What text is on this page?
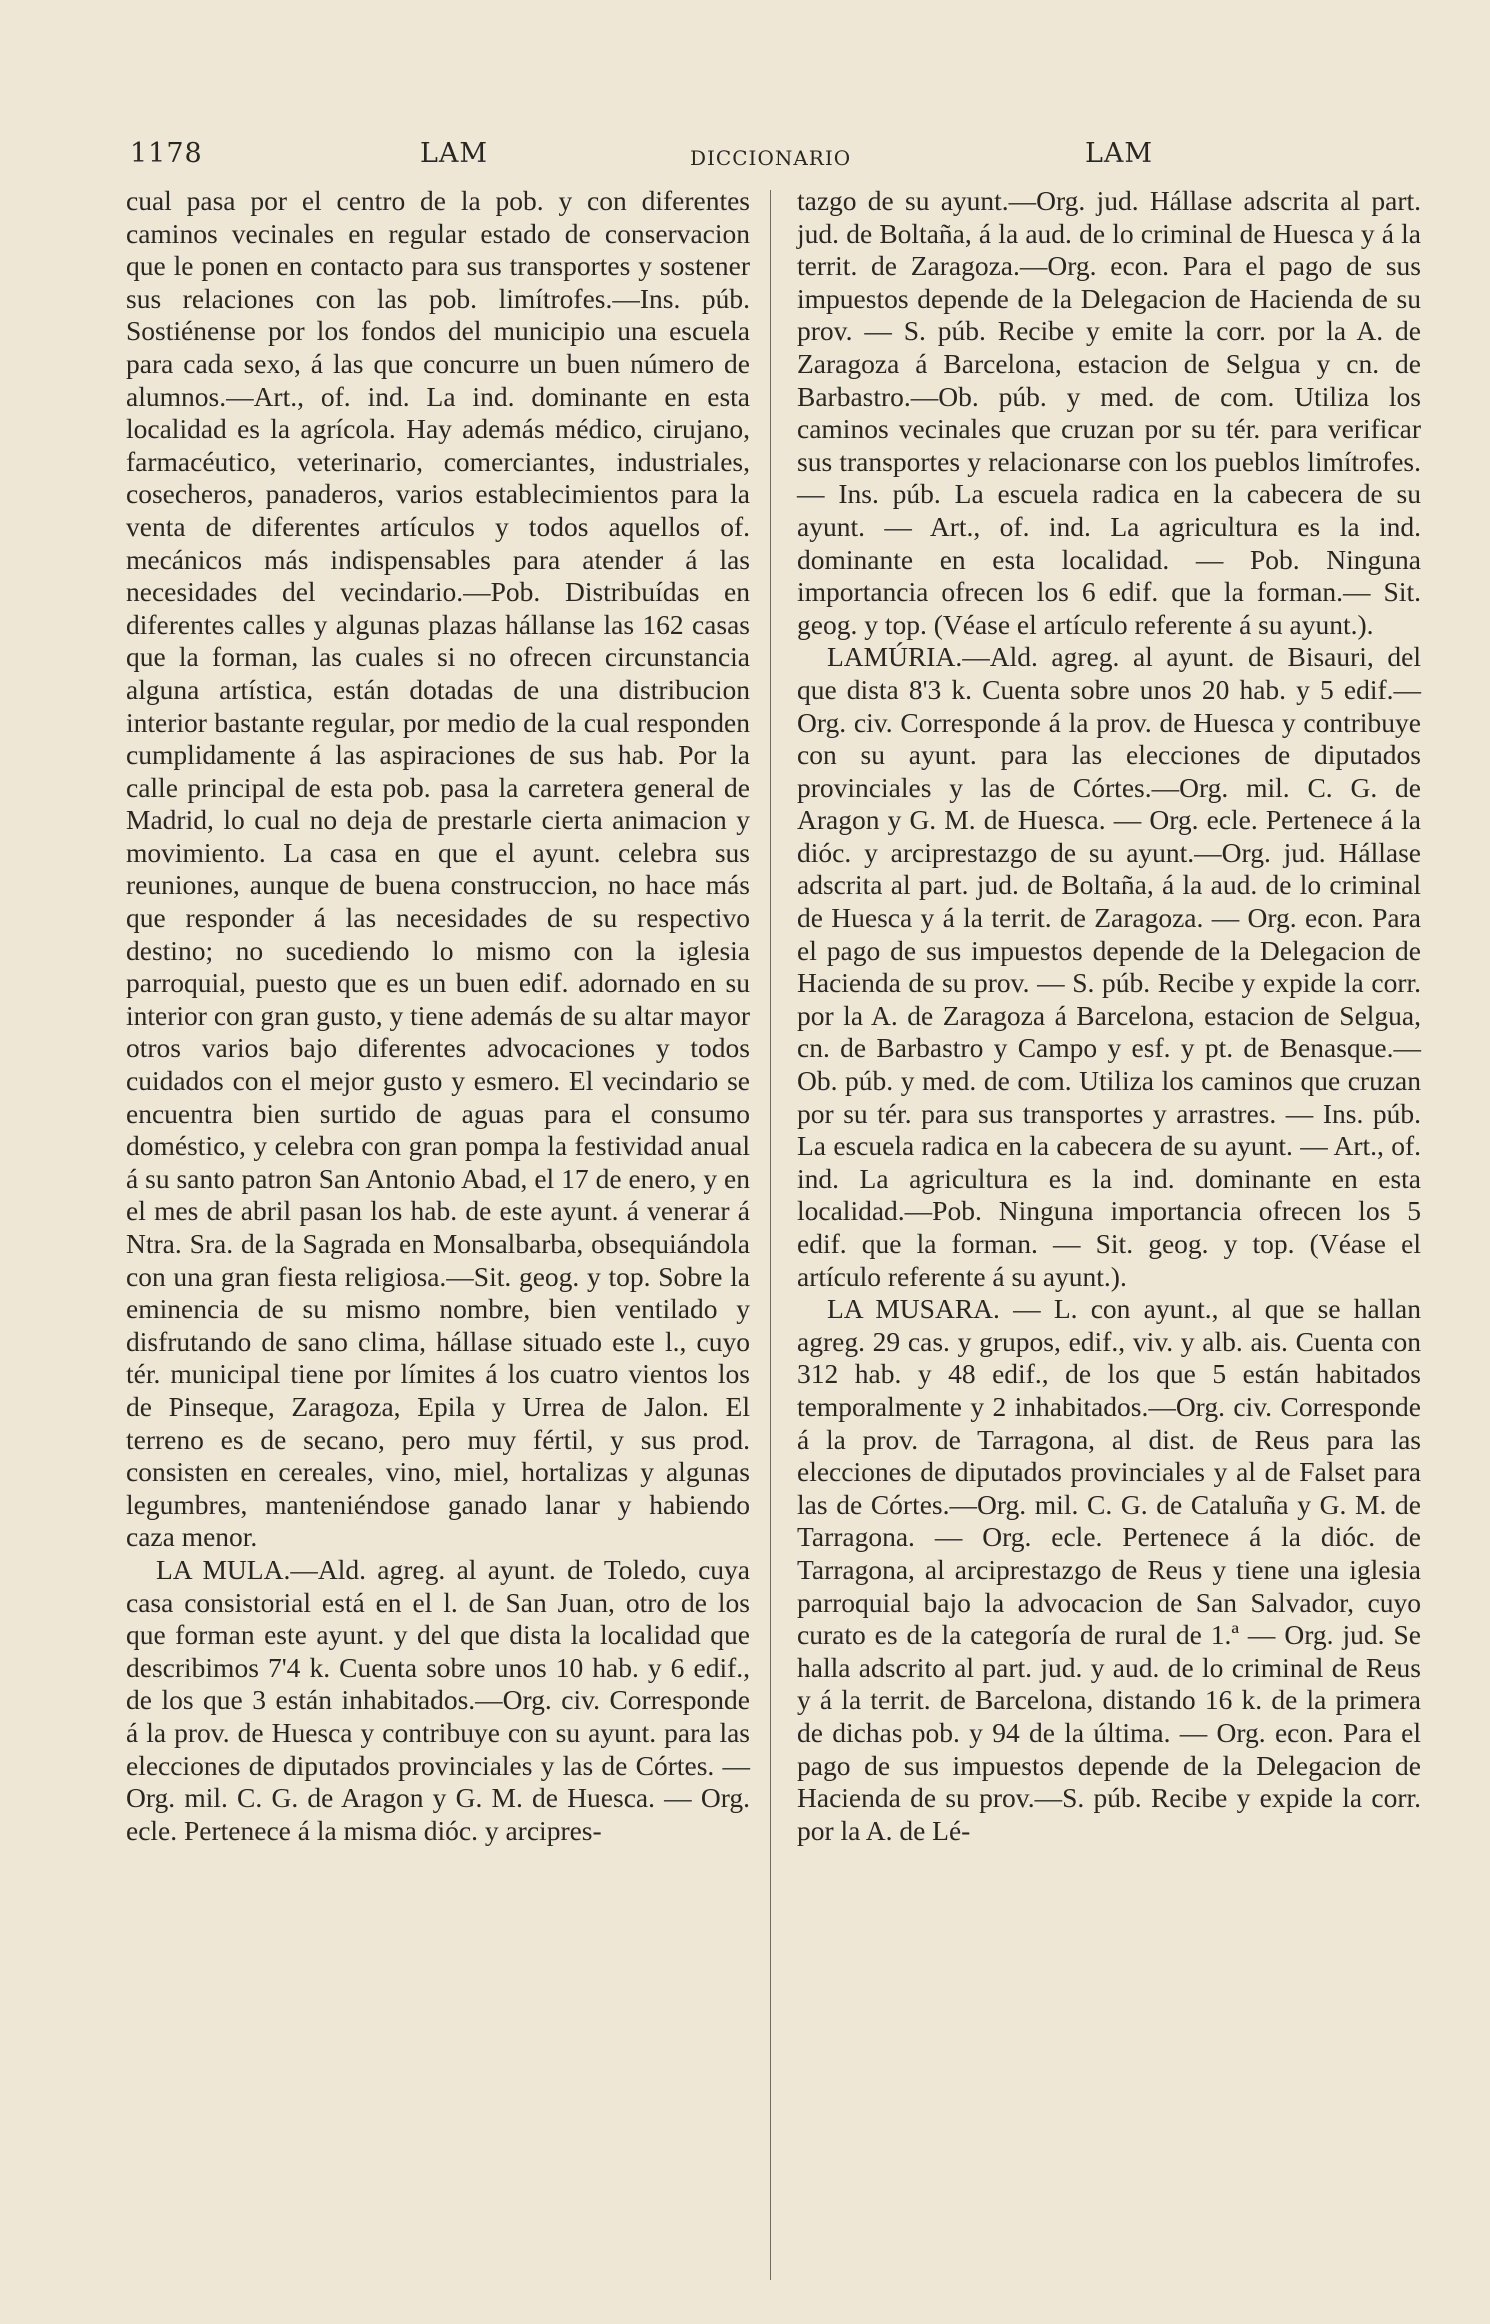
1178	LAM	DICCIONARIO	LAM

cual pasa por el centro de la pob. y con diferentes caminos vecinales en regular estado de conservacion que le ponen en contacto para sus transportes y sostener sus relaciones con las pob. limítrofes.—Ins. púb. Sostiénense por los fondos del municipio una escuela para cada sexo, á las que concurre un buen número de alumnos.—Art., of. ind. La ind. dominante en esta localidad es la agrícola. Hay además médico, cirujano, farmacéutico, veterinario, comerciantes, industriales, cosecheros, panaderos, varios establecimientos para la venta de diferentes artículos y todos aquellos of. mecánicos más indispensables para atender á las necesidades del vecindario.—Pob. Distribuídas en diferentes calles y algunas plazas hállanse las 162 casas que la forman, las cuales si no ofrecen circunstancia alguna artística, están dotadas de una distribucion interior bastante regular, por medio de la cual responden cumplidamente á las aspiraciones de sus hab. Por la calle principal de esta pob. pasa la carretera general de Madrid, lo cual no deja de prestarle cierta animacion y movimiento. La casa en que el ayunt. celebra sus reuniones, aunque de buena construccion, no hace más que responder á las necesidades de su respectivo destino; no sucediendo lo mismo con la iglesia parroquial, puesto que es un buen edif. adornado en su interior con gran gusto, y tiene además de su altar mayor otros varios bajo diferentes advocaciones y todos cuidados con el mejor gusto y esmero. El vecindario se encuentra bien surtido de aguas para el consumo doméstico, y celebra con gran pompa la festividad anual á su santo patron San Antonio Abad, el 17 de enero, y en el mes de abril pasan los hab. de este ayunt. á venerar á Ntra. Sra. de la Sagrada en Monsalbarba, obsequiándola con una gran fiesta religiosa.—Sit. geog. y top. Sobre la eminencia de su mismo nombre, bien ventilado y disfrutando de sano clima, hállase situado este l., cuyo tér. municipal tiene por límites á los cuatro vientos los de Pinseque, Zaragoza, Epila y Urrea de Jalon. El terreno es de secano, pero muy fértil, y sus prod. consisten en cereales, vino, miel, hortalizas y algunas legumbres, manteniéndose ganado lanar y habiendo caza menor.

LA MULA.—Ald. agreg. al ayunt. de Toledo, cuya casa consistorial está en el l. de San Juan, otro de los que forman este ayunt. y del que dista la localidad que describimos 7'4 k. Cuenta sobre unos 10 hab. y 6 edif., de los que 3 están inhabitados.—Org. civ. Corresponde á la prov. de Huesca y contribuye con su ayunt. para las elecciones de diputados provinciales y las de Córtes. — Org. mil. C. G. de Aragon y G. M. de Huesca. — Org. ecle. Pertenece á la misma dióc. y arcipres-

tazgo de su ayunt.—Org. jud. Hállase adscrita al part. jud. de Boltaña, á la aud. de lo criminal de Huesca y á la territ. de Zaragoza.—Org. econ. Para el pago de sus impuestos depende de la Delegacion de Hacienda de su prov. — S. púb. Recibe y emite la corr. por la A. de Zaragoza á Barcelona, estacion de Selgua y cn. de Barbastro.—Ob. púb. y med. de com. Utiliza los caminos vecinales que cruzan por su tér. para verificar sus transportes y relacionarse con los pueblos limítrofes. — Ins. púb. La escuela radica en la cabecera de su ayunt. — Art., of. ind. La agricultura es la ind. dominante en esta localidad. — Pob. Ninguna importancia ofrecen los 6 edif. que la forman.— Sit. geog. y top. (Véase el artículo referente á su ayunt.).

LAMÚRIA.—Ald. agreg. al ayunt. de Bisauri, del que dista 8'3 k. Cuenta sobre unos 20 hab. y 5 edif.—Org. civ. Corresponde á la prov. de Huesca y contribuye con su ayunt. para las elecciones de diputados provinciales y las de Córtes.—Org. mil. C. G. de Aragon y G. M. de Huesca. — Org. ecle. Pertenece á la dióc. y arciprestazgo de su ayunt.—Org. jud. Hállase adscrita al part. jud. de Boltaña, á la aud. de lo criminal de Huesca y á la territ. de Zaragoza. — Org. econ. Para el pago de sus impuestos depende de la Delegacion de Hacienda de su prov. — S. púb. Recibe y expide la corr. por la A. de Zaragoza á Barcelona, estacion de Selgua, cn. de Barbastro y Campo y esf. y pt. de Benasque.—Ob. púb. y med. de com. Utiliza los caminos que cruzan por su tér. para sus transportes y arrastres. — Ins. púb. La escuela radica en la cabecera de su ayunt. — Art., of. ind. La agricultura es la ind. dominante en esta localidad.—Pob. Ninguna importancia ofrecen los 5 edif. que la forman. — Sit. geog. y top. (Véase el artículo referente á su ayunt.).

LA MUSARA. — L. con ayunt., al que se hallan agreg. 29 cas. y grupos, edif., viv. y alb. ais. Cuenta con 312 hab. y 48 edif., de los que 5 están habitados temporalmente y 2 inhabitados.—Org. civ. Corresponde á la prov. de Tarragona, al dist. de Reus para las elecciones de diputados provinciales y al de Falset para las de Córtes.—Org. mil. C. G. de Cataluña y G. M. de Tarragona. — Org. ecle. Pertenece á la dióc. de Tarragona, al arciprestazgo de Reus y tiene una iglesia parroquial bajo la advocacion de San Salvador, cuyo curato es de la categoría de rural de 1.ª — Org. jud. Se halla adscrito al part. jud. y aud. de lo criminal de Reus y á la territ. de Barcelona, distando 16 k. de la primera de dichas pob. y 94 de la última. — Org. econ. Para el pago de sus impuestos depende de la Delegacion de Hacienda de su prov.—S. púb. Recibe y expide la corr. por la A. de Lé-
